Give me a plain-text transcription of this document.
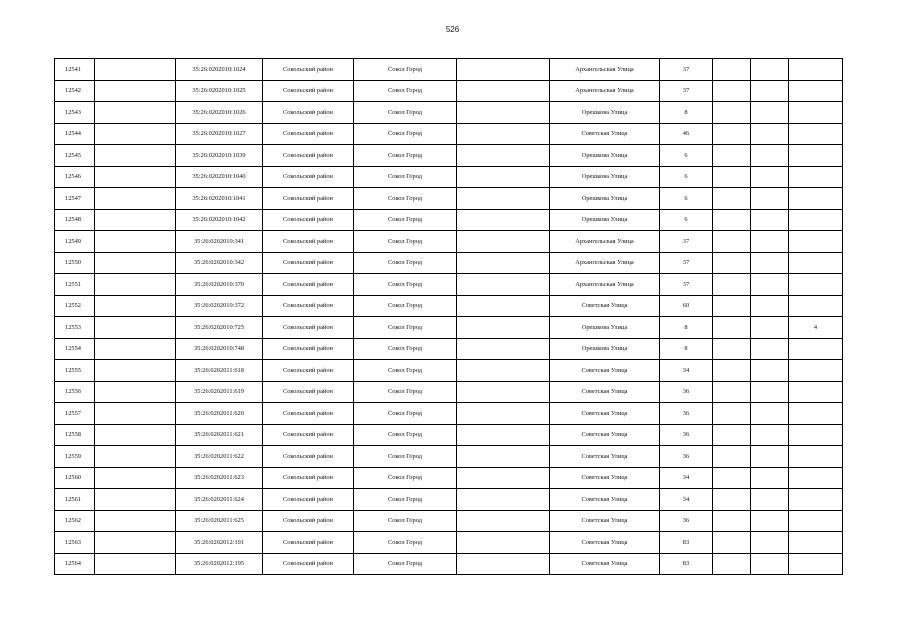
526
12541		35:26:0202010:1024	Сокольский район	Сокол Город		Архангельская Улица	37			
12542		35:26:0202010:1025	Сокольский район	Сокол Город		Архангельская Улица	37			
12543		35:26:0202010:1026	Сокольский район	Сокол Город		Орешкова Улица	8			
12544		35:26:0202010:1027	Сокольский район	Сокол Город		Советская Улица	46			
12545		35:26:0202010:1039	Сокольский район	Сокол Город		Орешкова Улица	6			
12546		35:26:0202010:1040	Сокольский район	Сокол Город		Орешкова Улица	6			
12547		35:26:0202010:1041	Сокольский район	Сокол Город		Орешкова Улица	6			
12548		35:26:0202010:1042	Сокольский район	Сокол Город		Орешкова Улица	6			
12549		35:26:0202010:341	Сокольский район	Сокол Город		Архангельская Улица	37			
12550		35:26:0202010:342	Сокольский район	Сокол Город		Архангельская Улица	37			
12551		35:26:0202010:370	Сокольский район	Сокол Город		Архангельская Улица	37			
12552		35:26:0202010:372	Сокольский район	Сокол Город		Советская Улица	60			
12553		35:26:0202010:725	Сокольский район	Сокол Город		Орешкова Улица	8			4
12554		35:26:0202010:748	Сокольский район	Сокол Город		Орешкова Улица	8			
12555		35:26:0202011:618	Сокольский район	Сокол Город		Советская Улица	34			
12556		35:26:0202011:619	Сокольский район	Сокол Город		Советская Улица	36			
12557		35:26:0202011:620	Сокольский район	Сокол Город		Советская Улица	36			
12558		35:26:0202011:621	Сокольский район	Сокол Город		Советская Улица	36			
12559		35:26:0202011:622	Сокольский район	Сокол Город		Советская Улица	36			
12560		35:26:0202011:623	Сокольский район	Сокол Город		Советская Улица	34			
12561		35:26:0202011:624	Сокольский район	Сокол Город		Советская Улица	34			
12562		35:26:0202011:625	Сокольский район	Сокол Город		Советская Улица	36			
12563		35:26:0202012:191	Сокольский район	Сокол Город		Советская Улица	83			
12564		35:26:0202012:195	Сокольский район	Сокол Город		Советская Улица	83			
